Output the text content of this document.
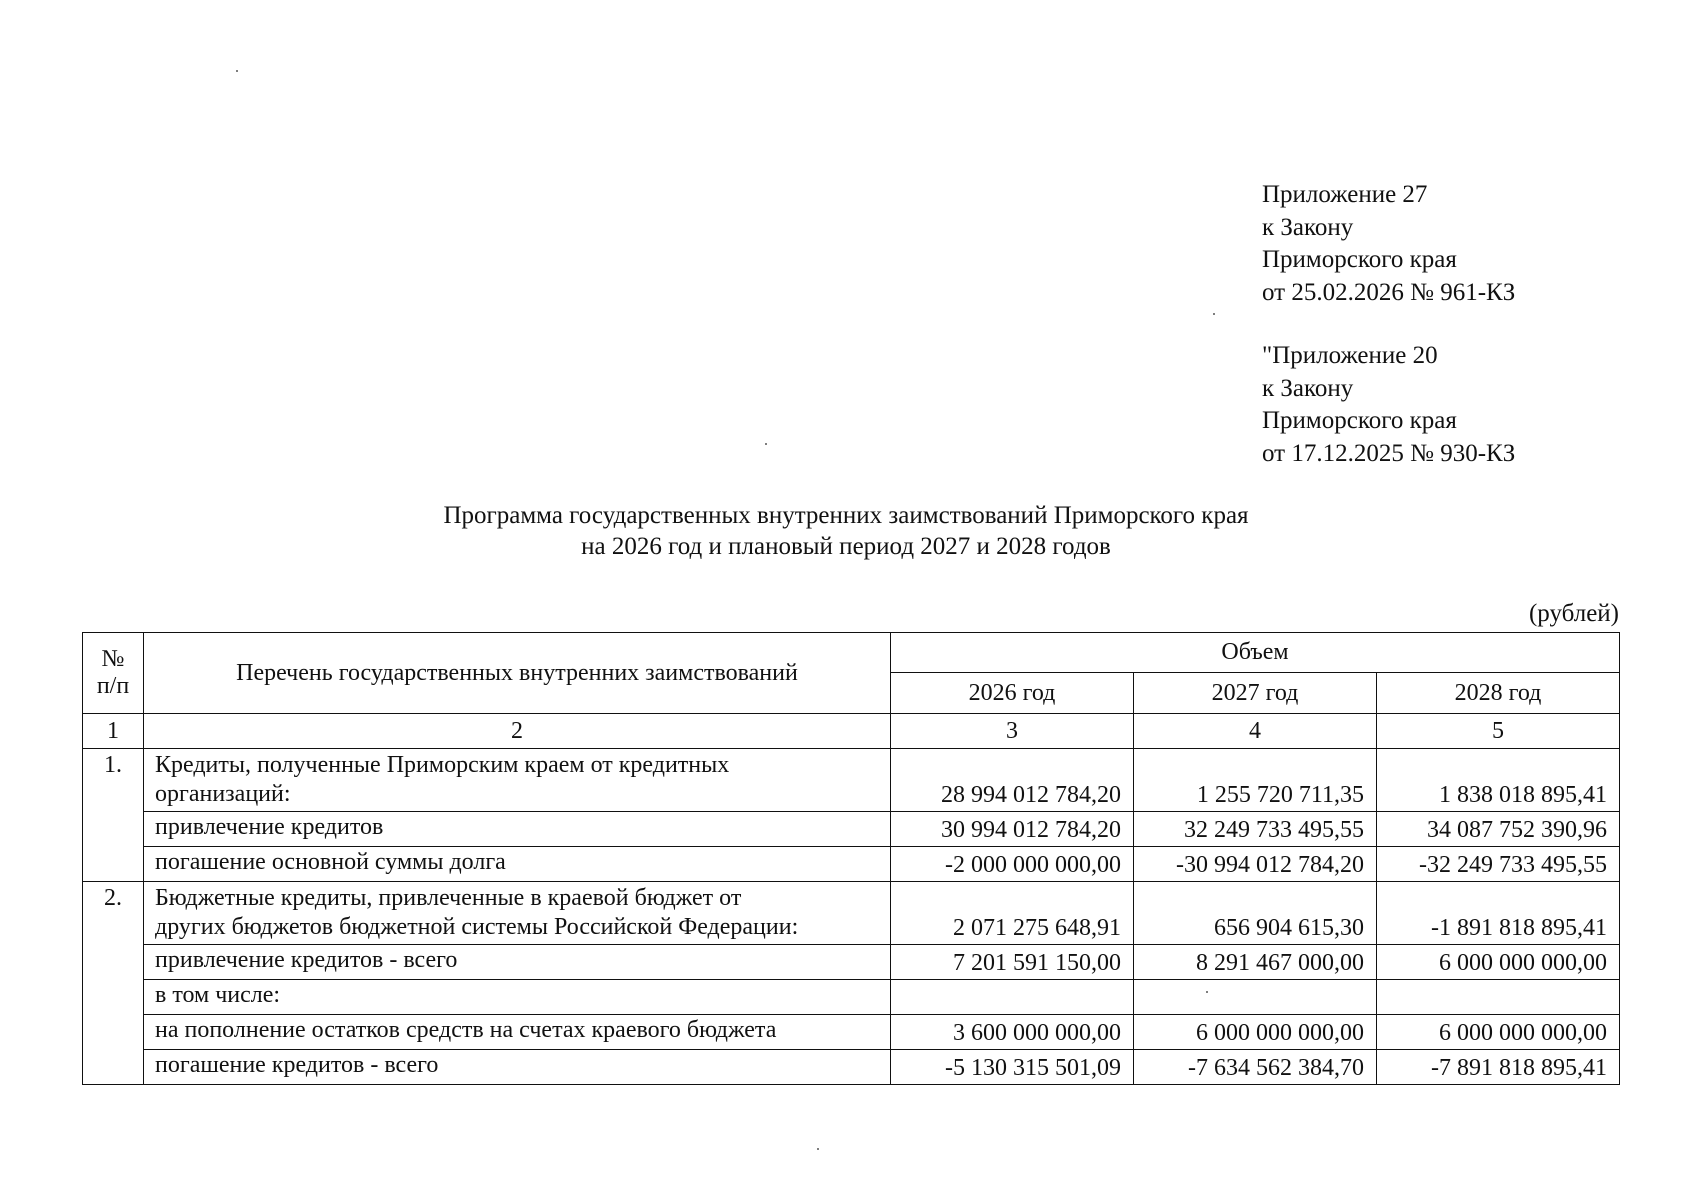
Приложение 27
к Закону
Приморского края
от 25.02.2026 № 961-КЗ
"Приложение 20
к Закону
Приморского края
от 17.12.2025 № 930-КЗ
Программа государственных внутренних заимствований Приморского края
на 2026 год и плановый период 2027 и 2028 годов
(рублей)
№
п/п	Перечень государственных внутренних заимствований	Объем		
		2026 год	2027 год	2028 год
1	2	3	4	5
1.	Кредиты, полученные Приморским краем от кредитных
организаций:	28 994 012 784,20	1 255 720 711,35	1 838 018 895,41
	привлечение кредитов	30 994 012 784,20	32 249 733 495,55	34 087 752 390,96
	погашение основной суммы долга	-2 000 000 000,00	-30 994 012 784,20	-32 249 733 495,55
2.	Бюджетные кредиты, привлеченные в краевой бюджет от
других бюджетов бюджетной системы Российской Федерации:	2 071 275 648,91	656 904 615,30	-1 891 818 895,41
	привлечение кредитов - всего	7 201 591 150,00	8 291 467 000,00	6 000 000 000,00
	в том числе:			
	на пополнение остатков средств на счетах краевого бюджета	3 600 000 000,00	6 000 000 000,00	6 000 000 000,00
	погашение кредитов - всего	-5 130 315 501,09	-7 634 562 384,70	-7 891 818 895,41
